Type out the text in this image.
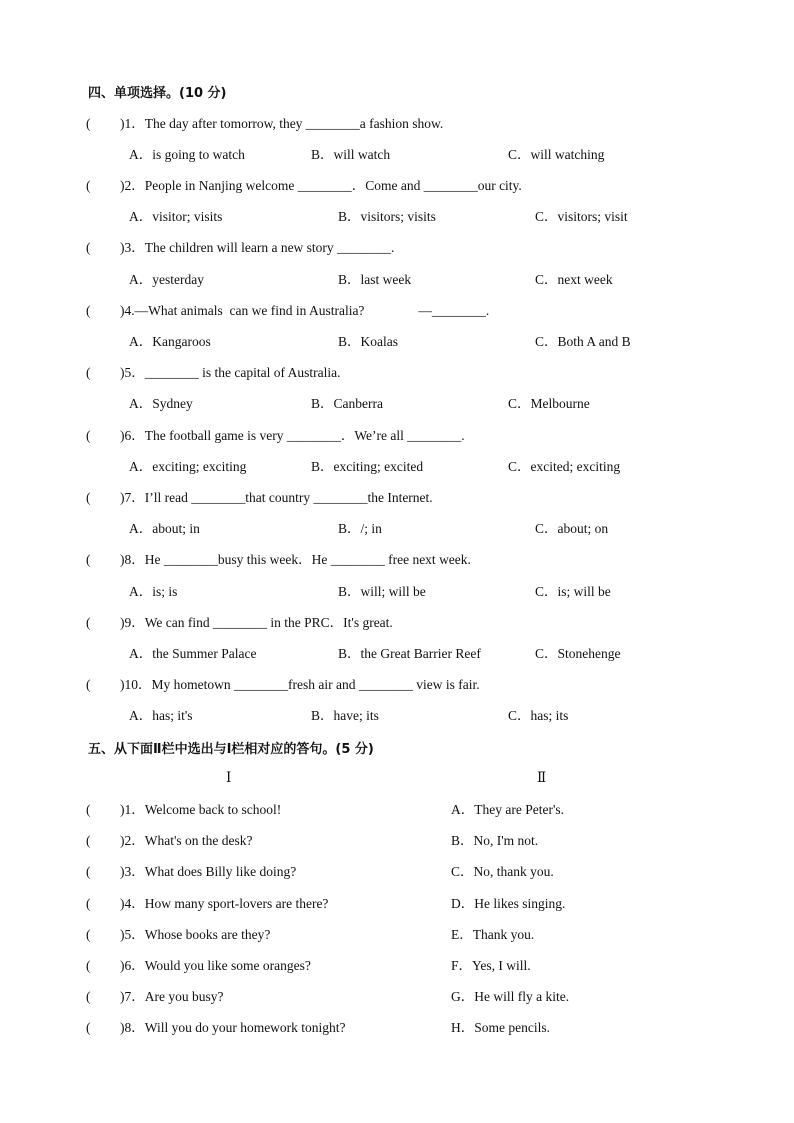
四、单项选择。(10 分)
( )1．The day after tomorrow, they ________a fashion show.
A．is going to watch	B．will watch	C．will watching
( )2．People in Nanjing welcome ________．Come and ________our city.
A．visitor; visits	B．visitors; visits	C．visitors; visit
( )3．The children will learn a new story ________.
A．yesterday	B．last week	C．next week
( )4.—What animals  can we find in Australia?                —________.
A．Kangaroos	B．Koalas	C．Both A and B
( )5．________ is the capital of Australia.
A．Sydney	B．Canberra	C．Melbourne
( )6．The football game is very ________．We’re all ________.
A．exciting; exciting	B．exciting; excited	C．excited; exciting
( )7．I’ll read ________that country ________the Internet.
A．about; in	B．/; in	C．about; on
( )8．He ________busy this week．He ________ free next week.
A．is; is	B．will; will be	C．is; will be
( )9．We can find ________ in the PRC．It's great.
A．the Summer Palace	B．the Great Barrier Reef	C．Stonehenge
( )10．My hometown ________fresh air and ________ view is fair.
A．has; it's	B．have; its	C．has; its
五、从下面Ⅱ栏中选出与Ⅰ栏相对应的答句。(5 分)
Ⅰ	Ⅱ
( )1．Welcome back to school!	A．They are Peter's.
( )2．What's on the desk?	B．No, I'm not.
( )3．What does Billy like doing?	C．No, thank you.
( )4．How many sport-lovers are there?	D．He likes singing.
( )5．Whose books are they?	E．Thank you.
( )6．Would you like some oranges?	F．Yes, I will.
( )7．Are you busy?	G．He will fly a kite.
( )8．Will you do your homework tonight?	H．Some pencils.
